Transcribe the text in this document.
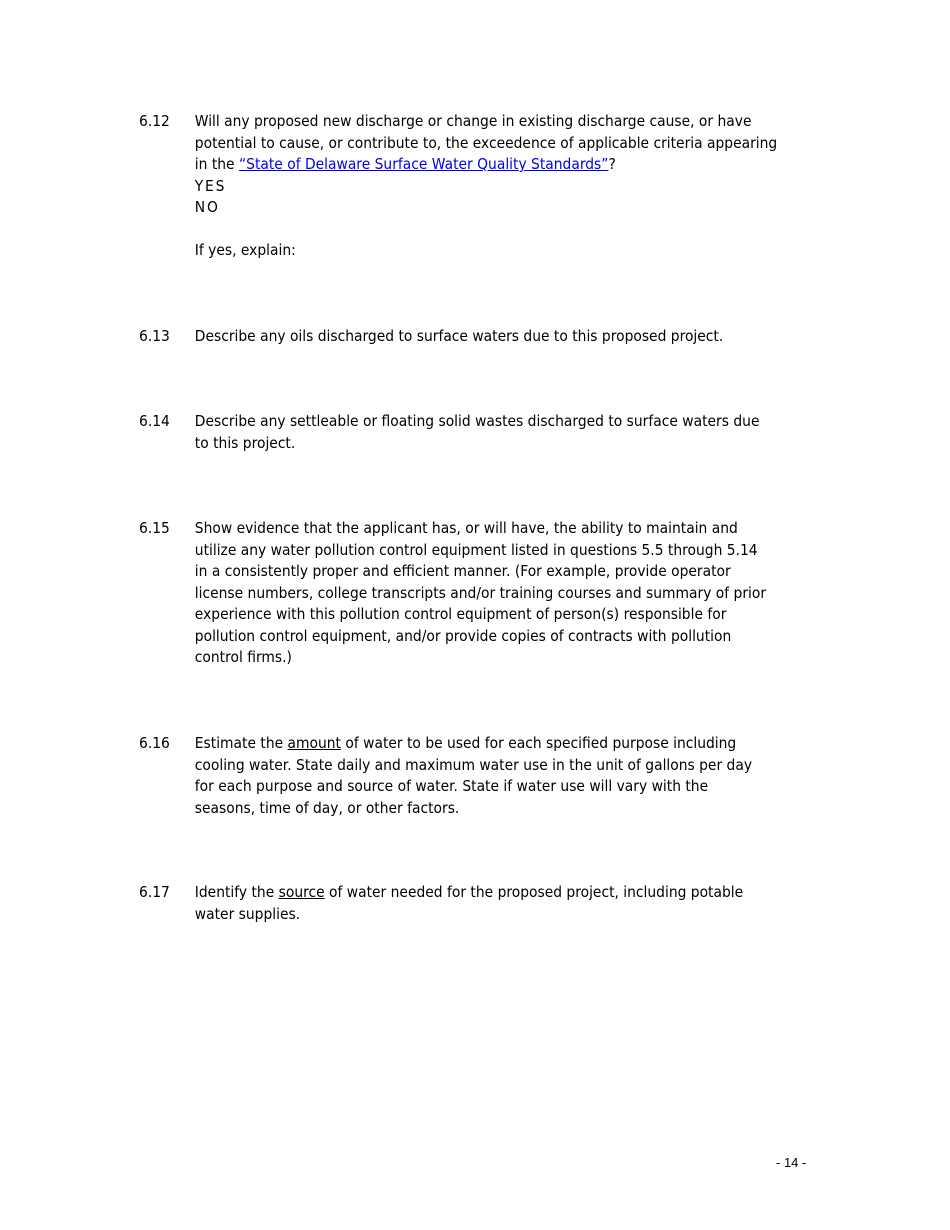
6.12	Will any proposed new discharge or change in existing discharge cause, or have
potential to cause, or contribute to, the exceedence of applicable criteria appearing
in the “State of Delaware Surface Water Quality Standards”?
YES
NO
If yes, explain:
6.13	Describe any oils discharged to surface waters due to this proposed project.
6.14	Describe any settleable or floating solid wastes discharged to surface waters due
to this project.
6.15	Show evidence that the applicant has, or will have, the ability to maintain and
utilize any water pollution control equipment listed in questions 5.5 through 5.14
in a consistently proper and efficient manner. (For example, provide operator
license numbers, college transcripts and/or training courses and summary of prior
experience with this pollution control equipment of person(s) responsible for
pollution control equipment, and/or provide copies of contracts with pollution
control firms.)
6.16	Estimate the amount of water to be used for each specified purpose including
cooling water. State daily and maximum water use in the unit of gallons per day
for each purpose and source of water. State if water use will vary with the
seasons, time of day, or other factors.
6.17	Identify the source of water needed for the proposed project, including potable
water supplies.
- 14 -
